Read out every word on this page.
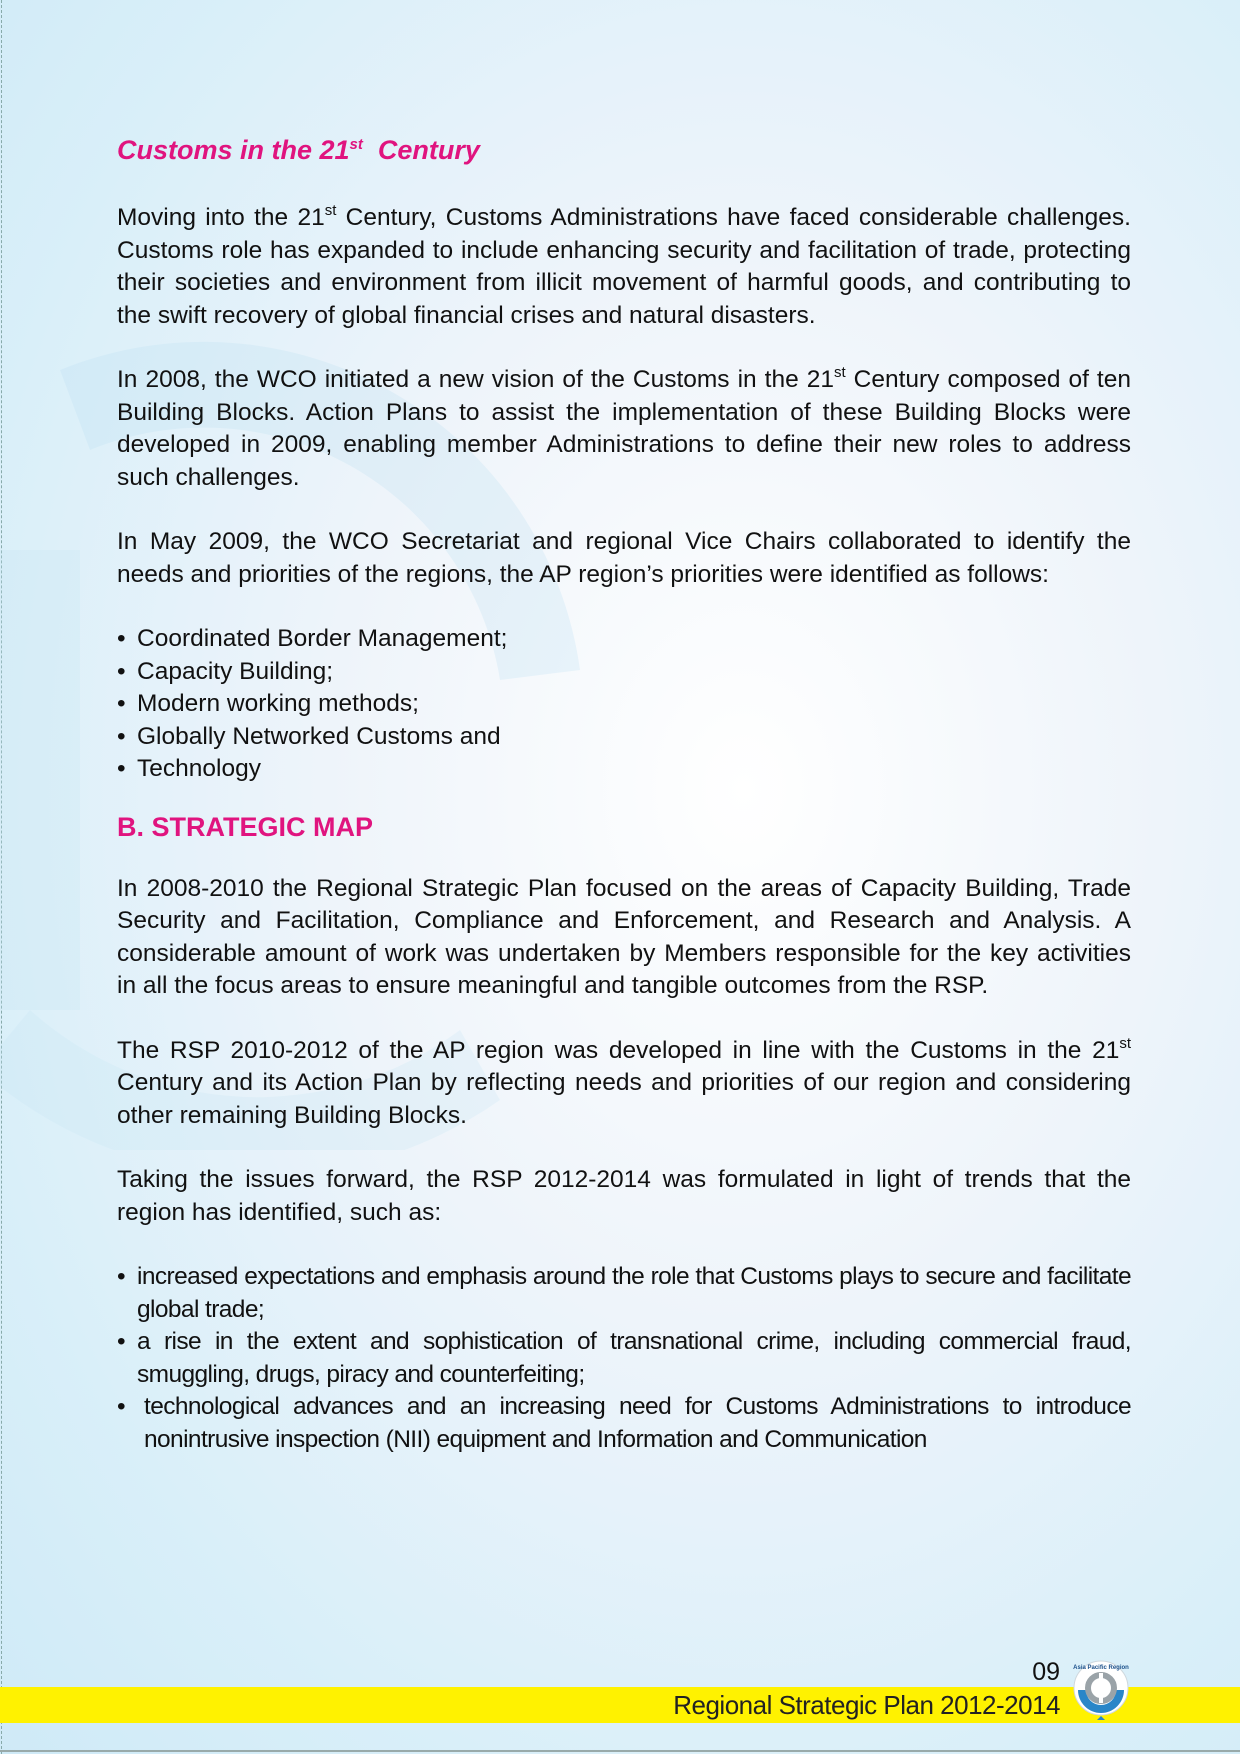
Customs in the 21st Century

Moving into the 21st Century, Customs Administrations have faced considerable challenges. Customs role has expanded to include enhancing security and facilitation of trade, protecting their societies and environment from illicit movement of harmful goods, and contributing to the swift recovery of global financial crises and natural disasters.

In 2008, the WCO initiated a new vision of the Customs in the 21st Century composed of ten Building Blocks. Action Plans to assist the implementation of these Building Blocks were developed in 2009, enabling member Administrations to define their new roles to address such challenges.

In May 2009, the WCO Secretariat and regional Vice Chairs collaborated to identify the needs and priorities of the regions, the AP region’s priorities were identified as follows:

• Coordinated Border Management;
• Capacity Building;
• Modern working methods;
• Globally Networked Customs and
• Technology
B. STRATEGIC MAP

In 2008-2010 the Regional Strategic Plan focused on the areas of Capacity Building, Trade Security and Facilitation, Compliance and Enforcement, and Research and Analysis. A considerable amount of work was undertaken by Members responsible for the key activities in all the focus areas to ensure meaningful and tangible outcomes from the RSP.

The RSP 2010-2012 of the AP region was developed in line with the Customs in the 21st Century and its Action Plan by reflecting needs and priorities of our region and considering other remaining Building Blocks.

Taking the issues forward, the RSP 2012-2014 was formulated in light of trends that the region has identified, such as:

• increased expectations and emphasis around the role that Customs plays to secure and facilitate global trade;
• a rise in the extent and sophistication of transnational crime, including commercial fraud, smuggling, drugs, piracy and counterfeiting;
• technological advances and an increasing need for Customs Administrations to introduce nonintrusive inspection (NII) equipment and Information and Communication
09
Regional Strategic Plan 2012-2014
Asia Pacific Region
